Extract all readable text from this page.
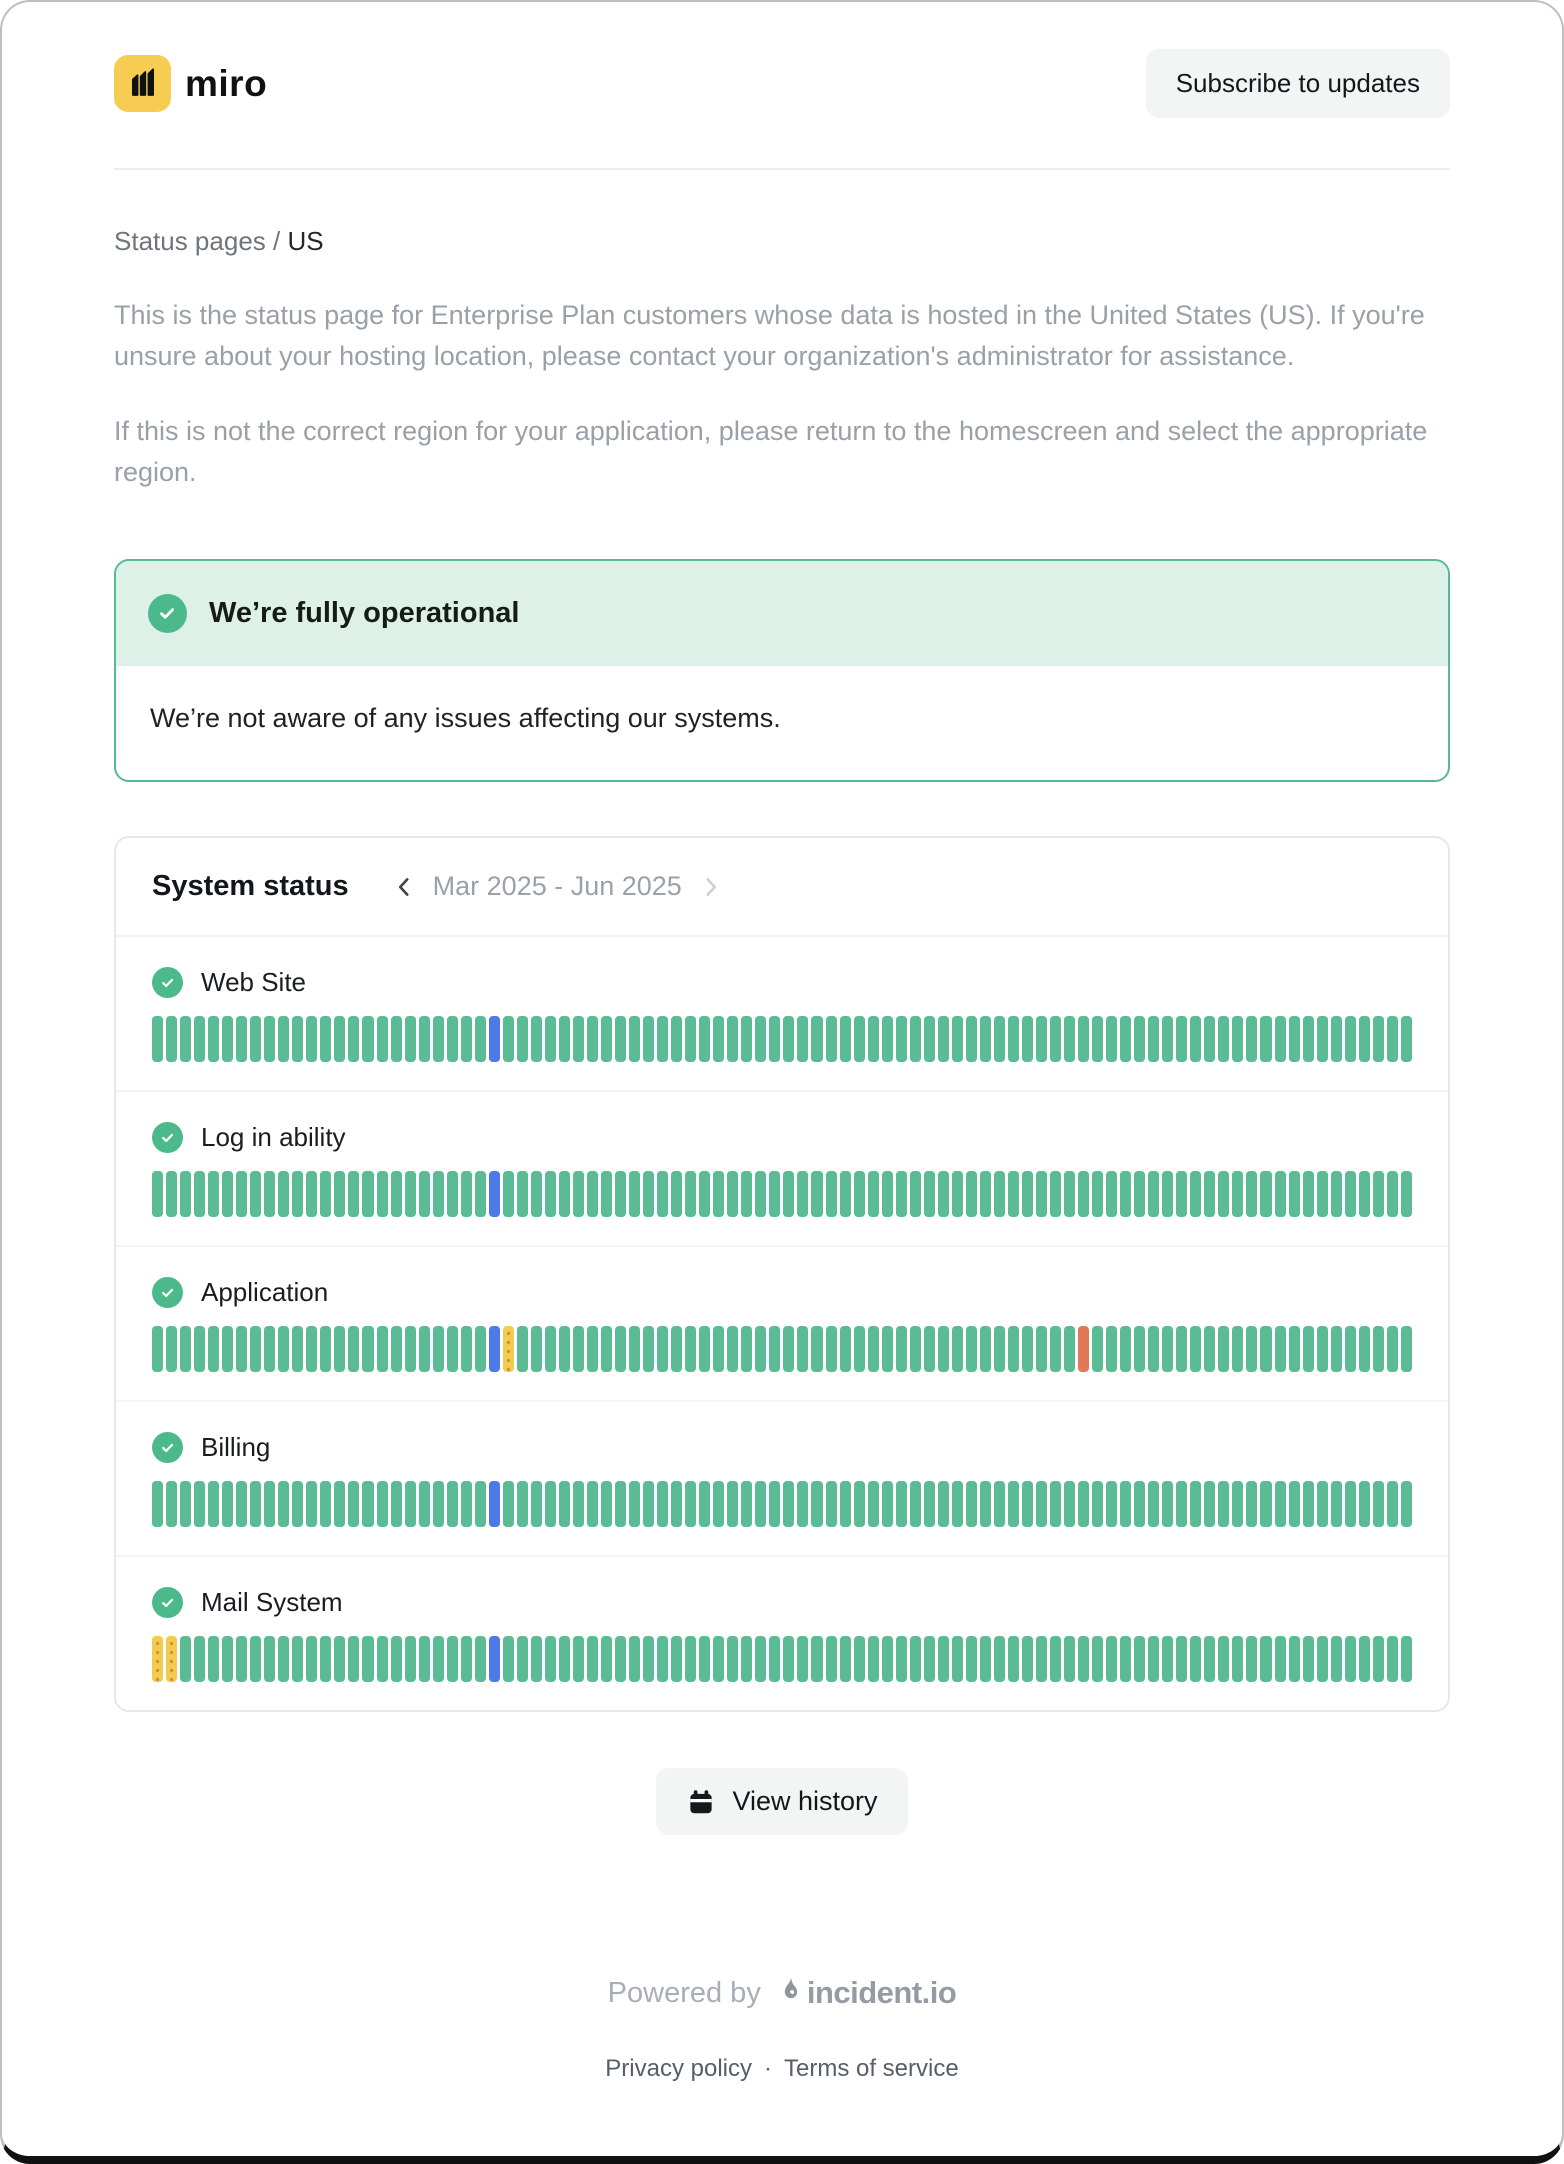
miro	Subscribe to updates
Status pages / US

This is the status page for Enterprise Plan customers whose data is hosted in the United States (US). If you're unsure about your hosting location, please contact your organization's administrator for assistance.

If this is not the correct region for your application, please return to the homescreen and select the appropriate region.

We’re fully operational
We’re not aware of any issues affecting our systems.
System status	Mar 2025 - Jun 2025
Web Site
Log in ability
Application
Billing
Mail System
View history
Powered by incident.io
Privacy policy · Terms of service
